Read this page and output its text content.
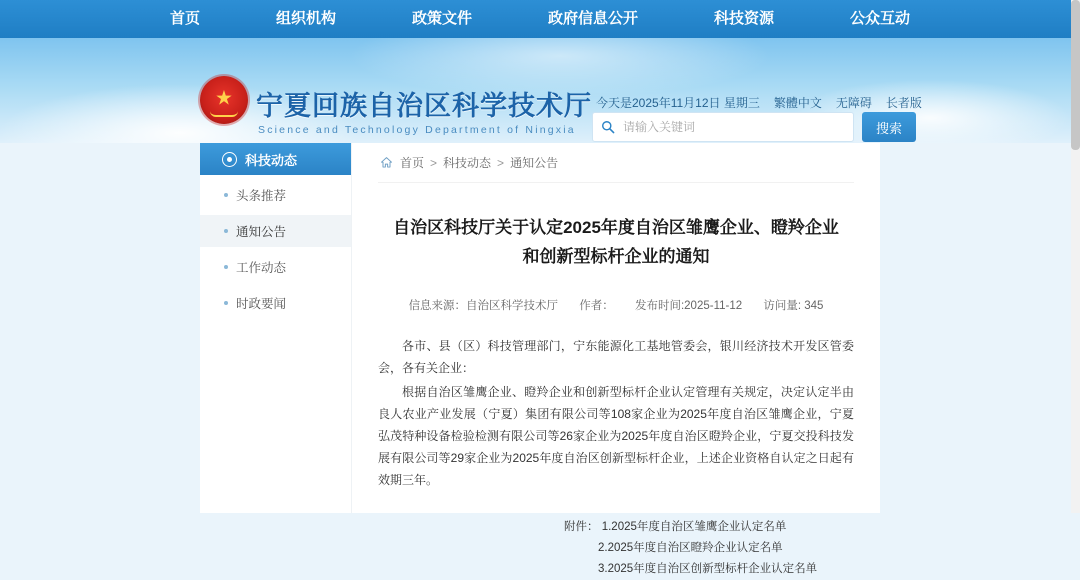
首页	组织机构	政策文件	政府信息公开	科技资源	公众互动
★
宁夏回族自治区科学技术厅
Science and Technology Department of Ningxia
今天是2025年11月12日 星期三 繁體中文 无障碍 长者版
请输入关键词
搜索
科技动态
头条推荐
通知公告
工作动态
时政要闻
首页 > 科技动态 > 通知公告
自治区科技厅关于认定2025年度自治区雏鹰企业、瞪羚企业
和创新型标杆企业的通知
信息来源：自治区科学技术厅 作者： 发布时间:2025-11-12 访问量: 345

各市、县（区）科技管理部门，宁东能源化工基地管委会，银川经济技术开发区管委会，各有关企业：

根据自治区雏鹰企业、瞪羚企业和创新型标杆企业认定管理有关规定，决定认定半由良人农业产业发展（宁夏）集团有限公司等108家企业为2025年度自治区雏鹰企业，宁夏弘茂特种设备检验检测有限公司等26家企业为2025年度自治区瞪羚企业，宁夏交投科技发展有限公司等29家企业为2025年度自治区创新型标杆企业，上述企业资格自认定之日起有效期三年。

附件： 1.2025年度自治区雏鹰企业认定名单
2.2025年度自治区瞪羚企业认定名单
3.2025年度自治区创新型标杆企业认定名单
